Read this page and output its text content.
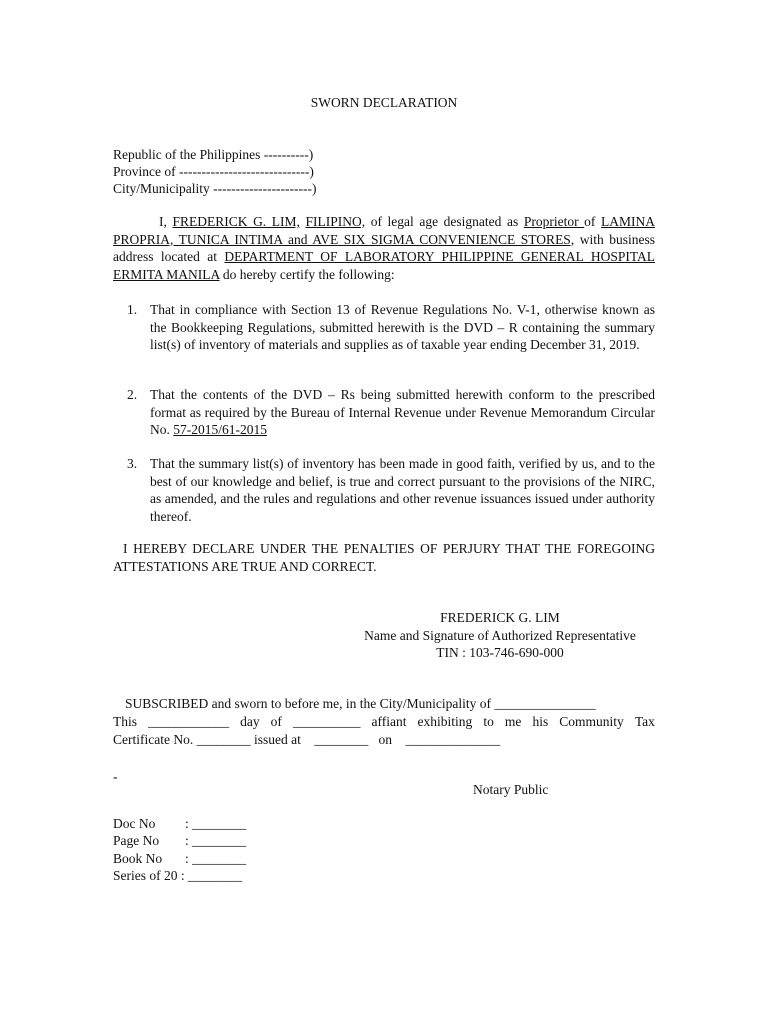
SWORN DECLARATION
Republic of the Philippines ----------)
Province of -----------------------------)
City/Municipality ----------------------)
I, FREDERICK G. LIM, FILIPINO, of legal age designated as Proprietor of LAMINA PROPRIA, TUNICA INTIMA and AVE SIX SIGMA CONVENIENCE STORES, with business address located at DEPARTMENT OF LABORATORY PHILIPPINE GENERAL HOSPITAL ERMITA MANILA do hereby certify the following:
1. That in compliance with Section 13 of Revenue Regulations No. V-1, otherwise known as the Bookkeeping Regulations, submitted herewith is the DVD – R containing the summary list(s) of inventory of materials and supplies as of taxable year ending December 31, 2019.
2. That the contents of the DVD – Rs being submitted herewith conform to the prescribed format as required by the Bureau of Internal Revenue under Revenue Memorandum Circular No. 57-2015/61-2015
3. That the summary list(s) of inventory has been made in good faith, verified by us, and to the best of our knowledge and belief, is true and correct pursuant to the provisions of the NIRC, as amended, and the rules and regulations and other revenue issuances issued under authority thereof.
I HEREBY DECLARE UNDER THE PENALTIES OF PERJURY THAT THE FOREGOING ATTESTATIONS ARE TRUE AND CORRECT.
FREDERICK G. LIM
Name and Signature of Authorized Representative
TIN : 103-746-690-000
SUBSCRIBED and sworn to before me, in the City/Municipality of _______________
This ____________ day of __________ affiant exhibiting to me his Community Tax
Certificate No. ________ issued at    ________   on    ______________
-
Notary Public
Doc No : ________
Page No : ________
Book No : ________
Series of 20 : ________
